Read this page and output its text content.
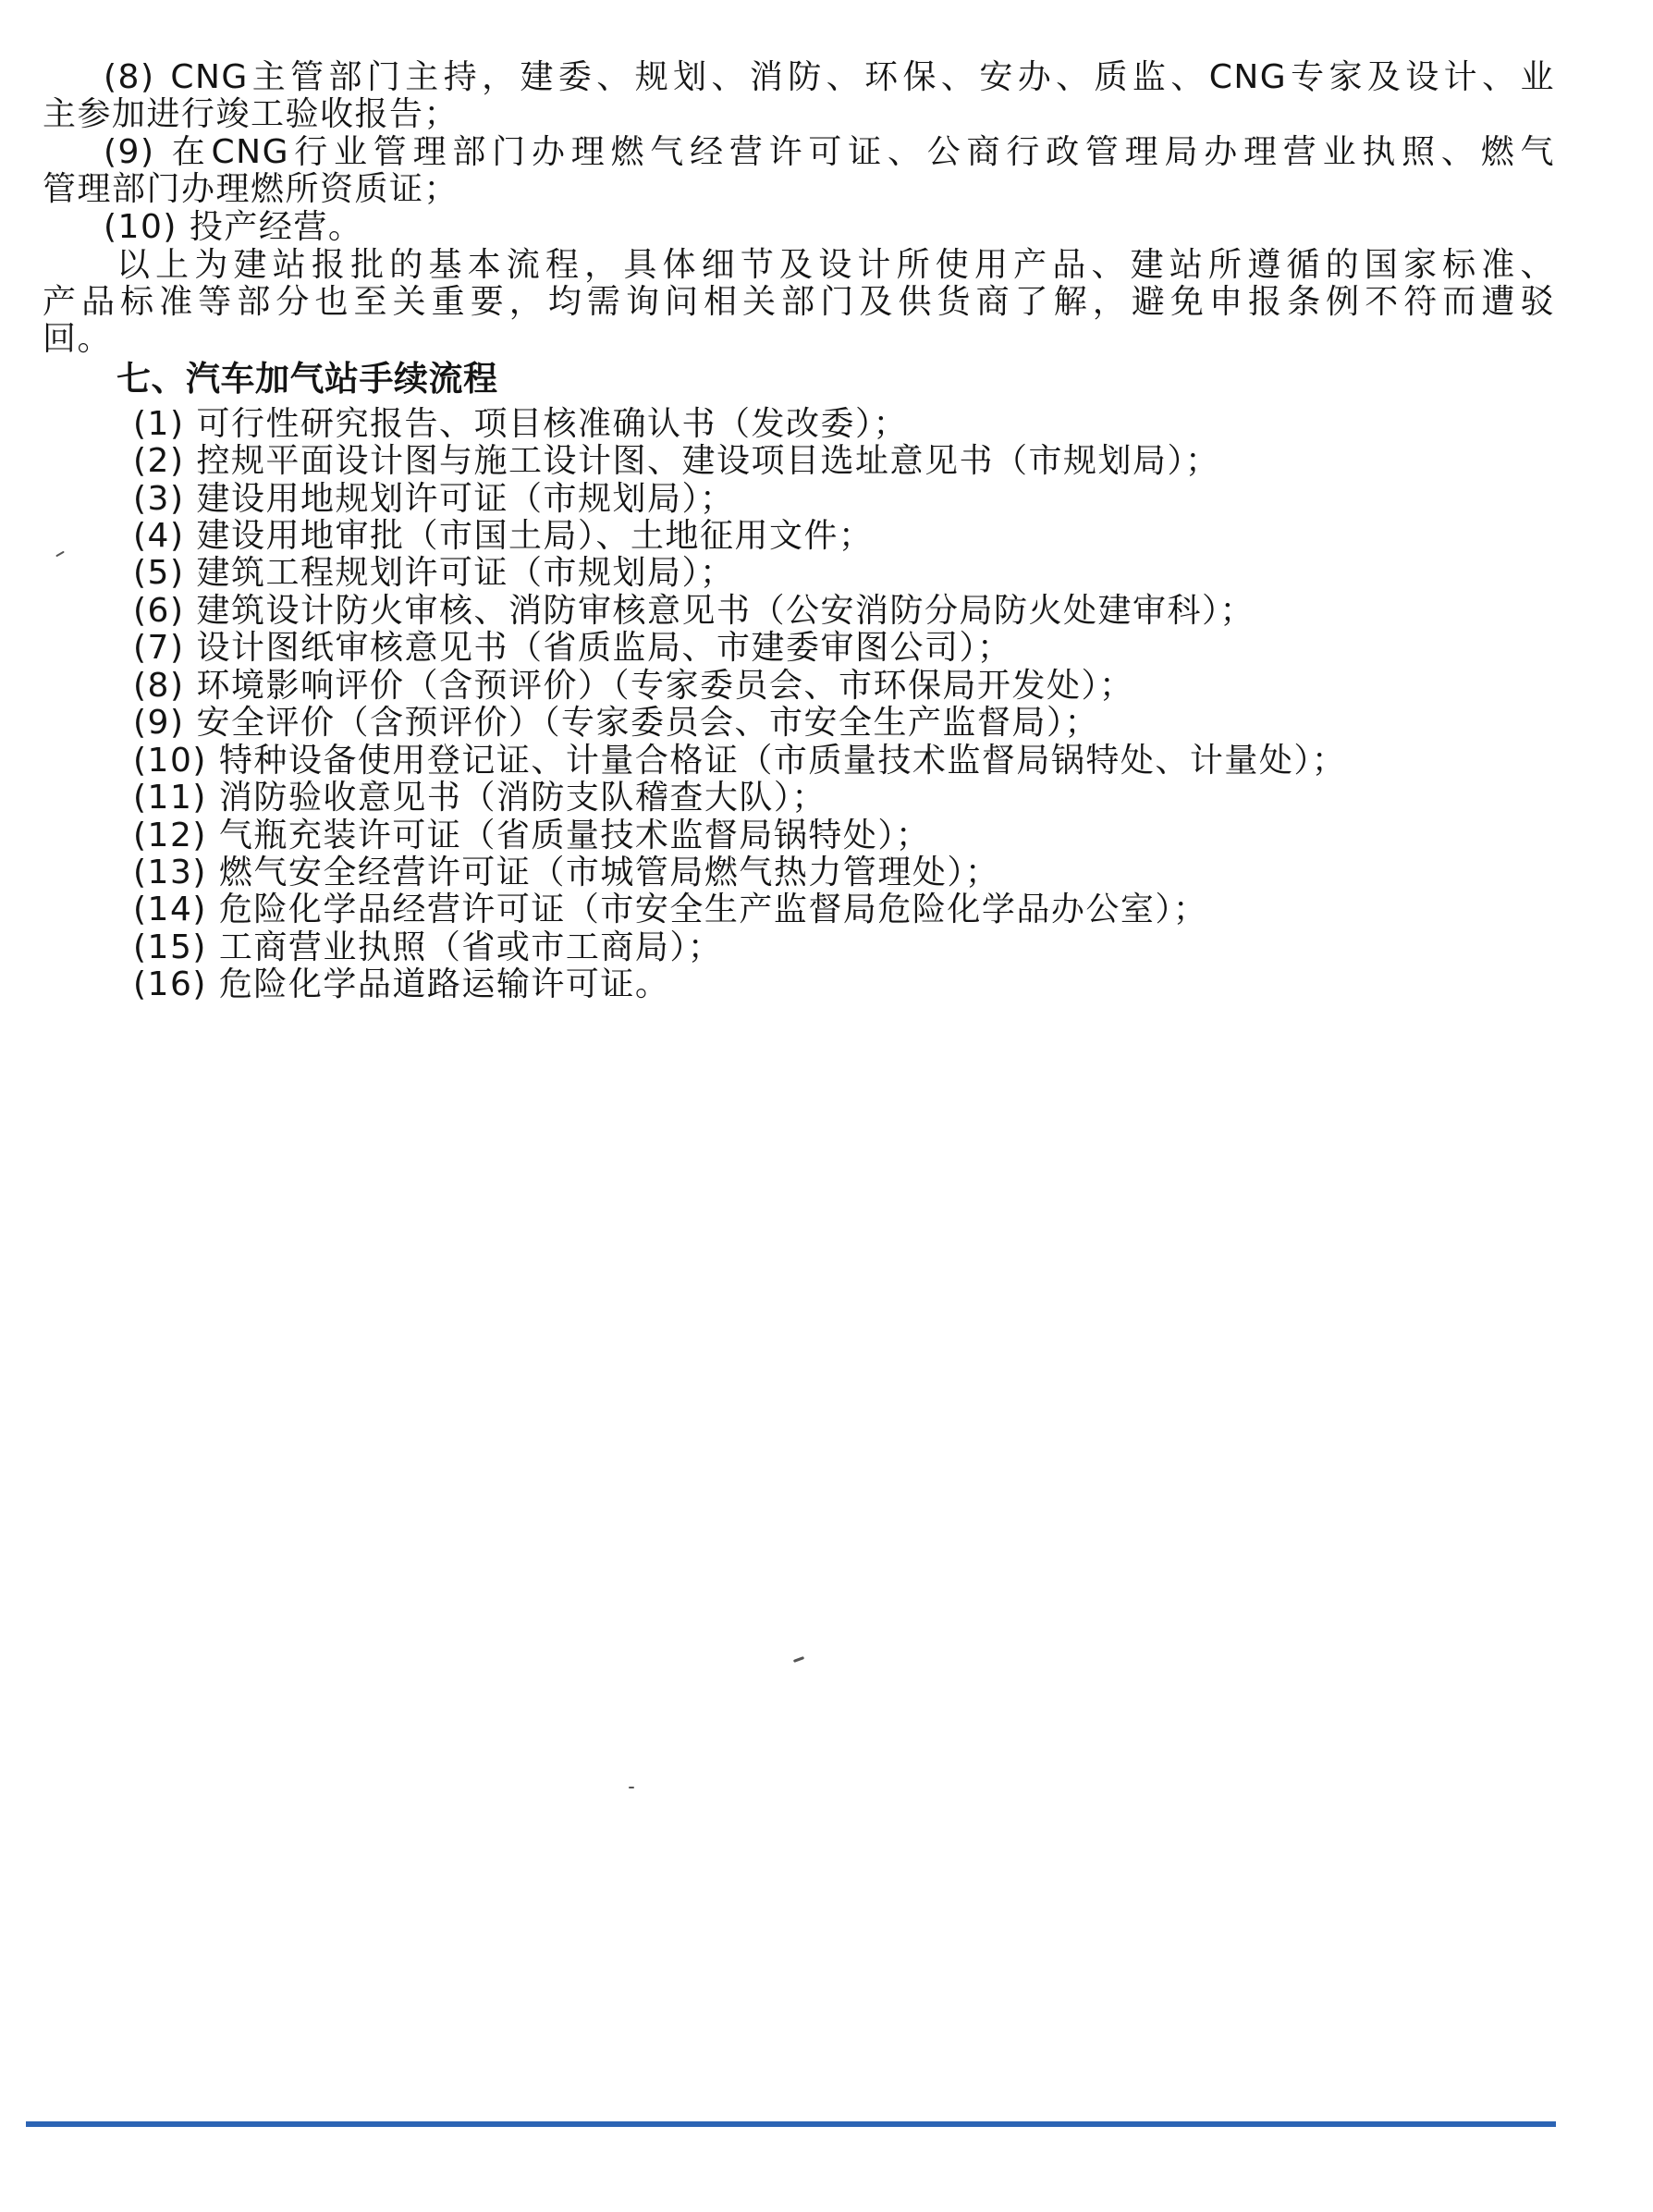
(8) CNG主管部门主持，建委、规划、消防、环保、安办、质监、CNG专家及设计、业
主参加进行竣工验收报告；
(9) 在CNG行业管理部门办理燃气经营许可证、公商行政管理局办理营业执照、燃气
管理部门办理燃所资质证；
(10) 投产经营。
以上为建站报批的基本流程，具体细节及设计所使用产品、建站所遵循的国家标准、
产品标准等部分也至关重要，均需询问相关部门及供货商了解，避免申报条例不符而遭驳
回。
七、汽车加气站手续流程
(1) 可行性研究报告、项目核准确认书（发改委）；
(2) 控规平面设计图与施工设计图、建设项目选址意见书（市规划局）；
(3) 建设用地规划许可证（市规划局）；
(4) 建设用地审批（市国土局）、土地征用文件；
(5) 建筑工程规划许可证（市规划局）；
(6) 建筑设计防火审核、消防审核意见书（公安消防分局防火处建审科）；
(7) 设计图纸审核意见书（省质监局、市建委审图公司）；
(8) 环境影响评价（含预评价）（专家委员会、市环保局开发处）；
(9) 安全评价（含预评价）（专家委员会、市安全生产监督局）；
(10) 特种设备使用登记证、计量合格证（市质量技术监督局锅特处、计量处）；
(11) 消防验收意见书（消防支队稽查大队）；
(12) 气瓶充装许可证（省质量技术监督局锅特处）；
(13) 燃气安全经营许可证（市城管局燃气热力管理处）；
(14) 危险化学品经营许可证（市安全生产监督局危险化学品办公室）；
(15) 工商营业执照（省或市工商局）；
(16) 危险化学品道路运输许可证。
